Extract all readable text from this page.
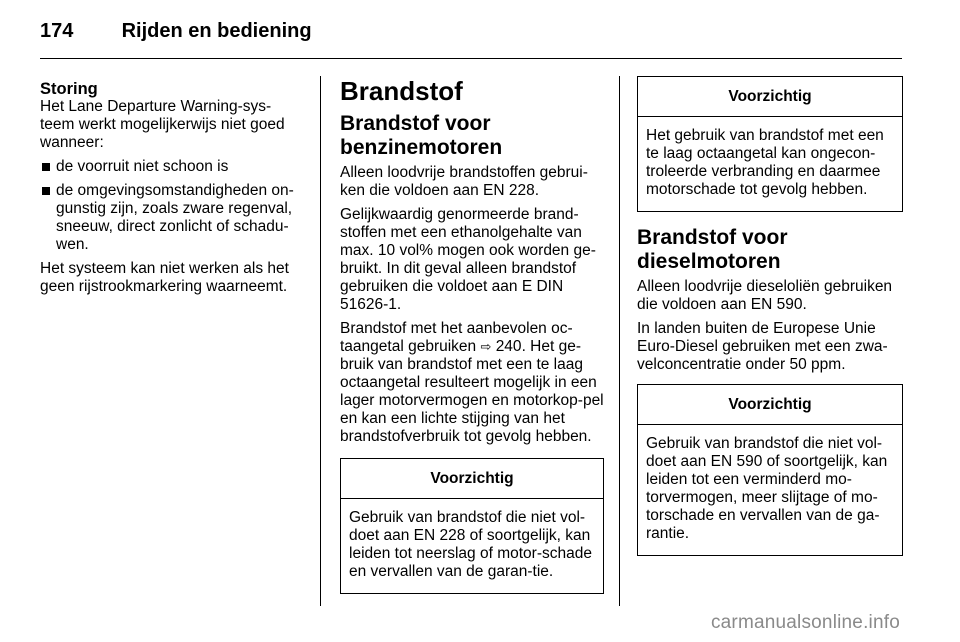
174 Rijden en bediening

Storing

Het Lane Departure Warning-sys-teem werkt mogelijkerwijs niet goed wanneer:

de voorruit niet schoon is
de omgevingsomstandigheden on-gunstig zijn, zoals zware regenval, sneeuw, direct zonlicht of schadu-wen.

Het systeem kan niet werken als het geen rijstrookmarkering waarneemt.

Brandstof

Brandstof voor benzinemotoren

Alleen loodvrije brandstoffen gebrui-ken die voldoen aan EN 228.

Gelijkwaardig genormeerde brand-stoffen met een ethanolgehalte van max. 10 vol% mogen ook worden ge-bruikt. In dit geval alleen brandstof gebruiken die voldoet aan E DIN 51626-1.

Brandstof met het aanbevolen oc-taangetal gebruiken ⇨ 240. Het ge-bruik van brandstof met een te laag octaangetal resulteert mogelijk in een lager motorvermogen en motorkop-pel en kan een lichte stijging van het brandstofverbruik tot gevolg hebben.

Voorzichtig
Gebruik van brandstof die niet vol-doet aan EN 228 of soortgelijk, kan leiden tot neerslag of motor-schade en vervallen van de garan-tie.
Voorzichtig
Het gebruik van brandstof met een te laag octaangetal kan ongecon-troleerde verbranding en daarmee motorschade tot gevolg hebben.

Brandstof voor dieselmotoren

Alleen loodvrije dieseloliën gebruiken die voldoen aan EN 590.

In landen buiten de Europese Unie Euro-Diesel gebruiken met een zwa-velconcentratie onder 50 ppm.

Voorzichtig
Gebruik van brandstof die niet vol-doet aan EN 590 of soortgelijk, kan leiden tot een verminderd mo-torvermogen, meer slijtage of mo-torschade en vervallen van de ga-rantie.
carmanualsonline.info
